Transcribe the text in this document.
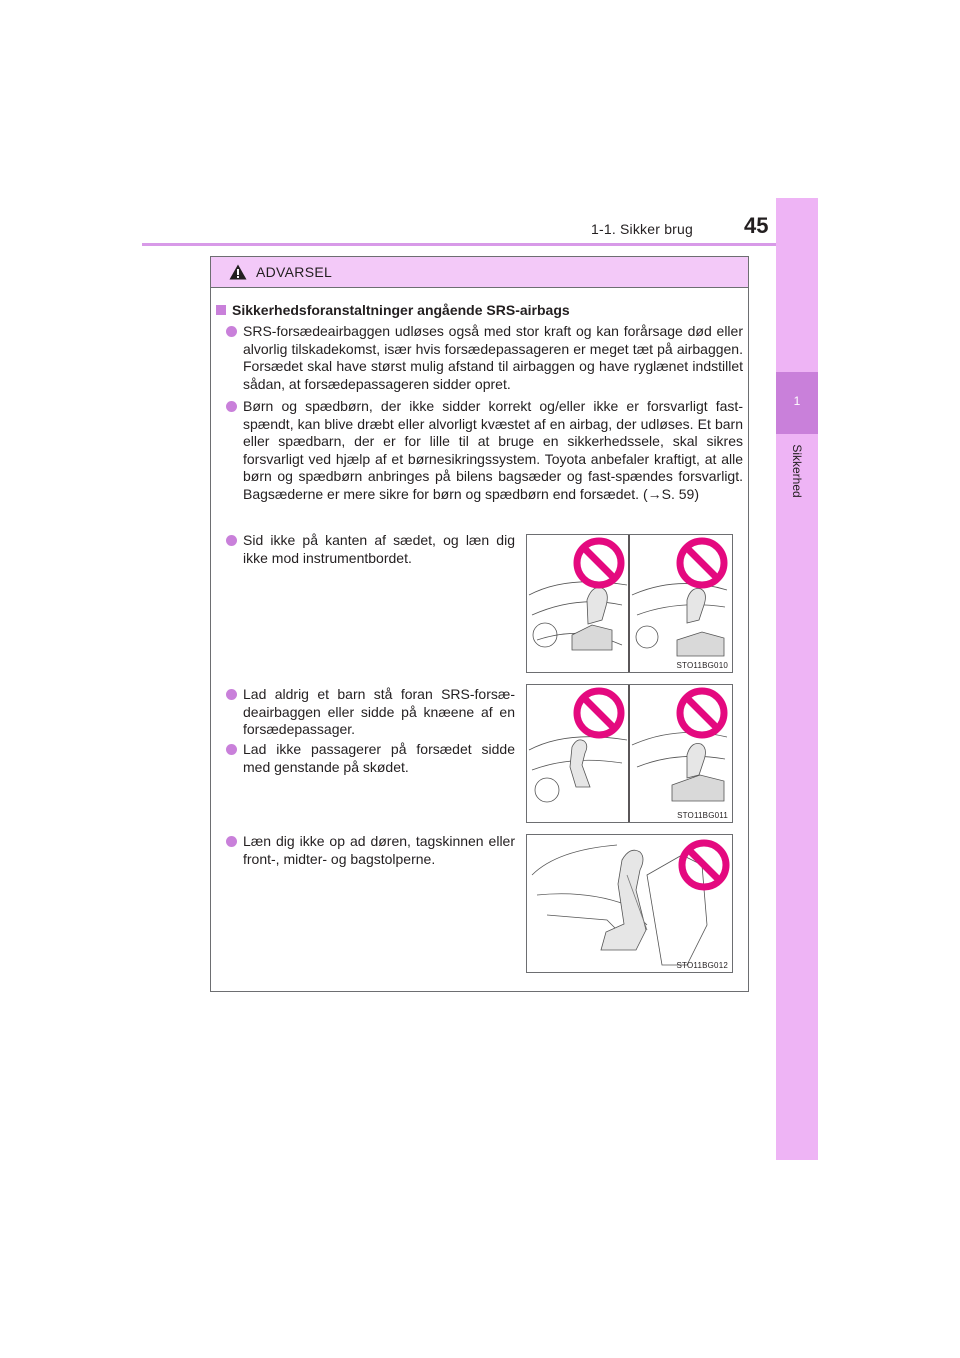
1-1. Sikker brug 45
1
Sikkerhed
ADVARSEL
Sikkerhedsforanstaltninger angående SRS-airbags
SRS-forsædeairbaggen udløses også med stor kraft og kan forårsage død eller alvorlig tilskadekomst, især hvis forsædepassageren er meget tæt på airbaggen. Forsædet skal have størst mulig afstand til airbaggen og have ryglænet indstillet sådan, at forsædepassageren sidder opret.
Børn og spædbørn, der ikke sidder korrekt og/eller ikke er forsvarligt fast-spændt, kan blive dræbt eller alvorligt kvæstet af en airbag, der udløses. Et barn eller spædbarn, der er for lille til at bruge en sikkerhedssele, skal sikres forsvarligt ved hjælp af et børnesikringssystem. Toyota anbefaler kraftigt, at alle børn og spædbørn anbringes på bilens bagsæder og fast-spændes forsvarligt. Bagsæderne er mere sikre for børn og spædbørn end forsædet. (→S. 59)
Sid ikke på kanten af sædet, og læn dig ikke mod instrumentbordet.
Lad aldrig et barn stå foran SRS-forsæ-deairbaggen eller sidde på knæene af en forsædepassager.
Lad ikke passagerer på forsædet sidde med genstande på skødet.
Læn dig ikke op ad døren, tagskinnen eller front-, midter- og bagstolperne.
STO11BG010
STO11BG011
STO11BG012
